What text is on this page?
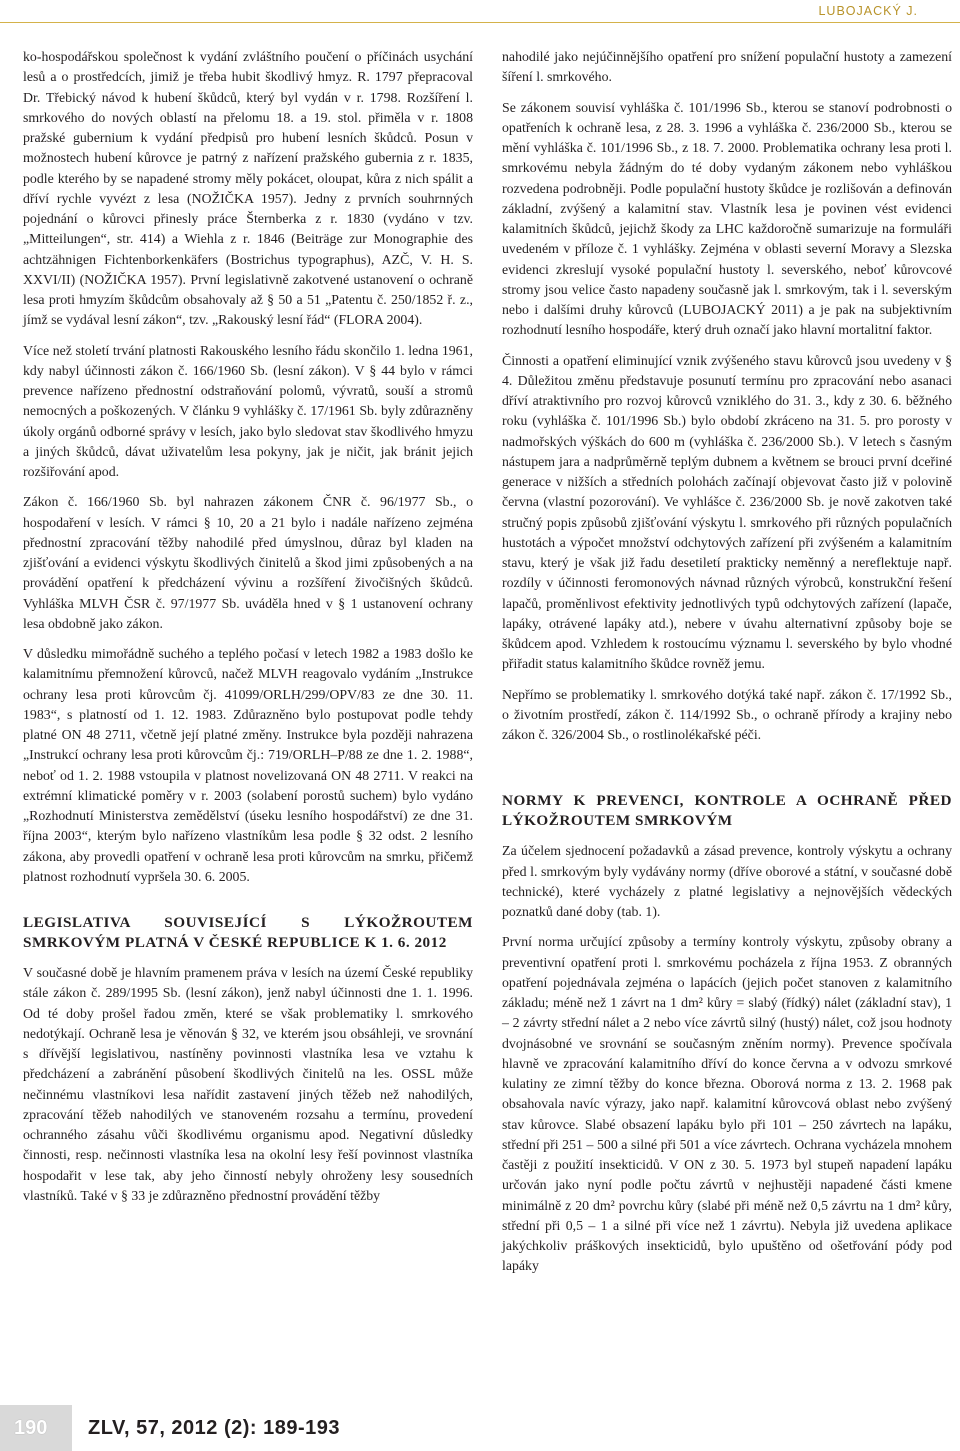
LUBOJACKÝ J.

ko-hospodářskou společnost k vydání zvláštního poučení o příčinách usychání lesů a o prostředcích, jimiž je třeba hubit škodlivý hmyz. R. 1797 přepracoval Dr. Třebický návod k hubení škůdců, který byl vydán v r. 1798. Rozšíření l. smrkového do nových oblastí na přelomu 18. a 19. stol. přiměla v r. 1808 pražské gubernium k vydání předpisů pro hubení lesních škůdců. Posun v možnostech hubení kůrovce je patrný z nařízení pražského gubernia z r. 1835, podle kterého by se napadené stromy měly pokácet, oloupat, kůra z nich spálit a dříví rychle vyvézt z lesa (NOŽIČKA 1957). Jedny z prvních souhrnných pojednání o kůrovci přinesly práce Šternberka z r. 1830 (vydáno v tzv. „Mitteilungen“, str. 414) a Wiehla z r. 1846 (Beiträge zur Monographie des achtzähnigen Fichtenborkenkäfers (Bostrichus typographus), AZČ, V. H. S. XXVI/II) (NOŽIČKA 1957). První legislativně zakotvené ustanovení o ochraně lesa proti hmyzím škůdcům obsahovaly až § 50 a 51 „Patentu č. 250/1852 ř. z., jímž se vydával lesní zákon“, tzv. „Rakouský lesní řád“ (FLORA 2004).

Více než století trvání platnosti Rakouského lesního řádu skončilo 1. ledna 1961, kdy nabyl účinnosti zákon č. 166/1960 Sb. (lesní zákon). V § 44 bylo v rámci prevence nařízeno přednostní odstraňování polomů, vývratů, souší a stromů nemocných a poškozených. V článku 9 vyhlášky č. 17/1961 Sb. byly zdůrazněny úkoly orgánů odborné správy v lesích, jako bylo sledovat stav škodlivého hmyzu a jiných škůdců, dávat uživatelům lesa pokyny, jak je ničit, jak bránit jejich rozšiřování apod.

Zákon č. 166/1960 Sb. byl nahrazen zákonem ČNR č. 96/1977 Sb., o hospodaření v lesích. V rámci § 10, 20 a 21 bylo i nadále nařízeno zejména přednostní zpracování těžby nahodilé před úmyslnou, důraz byl kladen na zjišťování a evidenci výskytu škodlivých činitelů a škod jimi způsobených a na provádění opatření k předcházení vývinu a rozšíření živočišných škůdců. Vyhláška MLVH ČSR č. 97/1977 Sb. uváděla hned v § 1 ustanovení ochrany lesa obdobně jako zákon.

V důsledku mimořádně suchého a teplého počasí v letech 1982 a 1983 došlo ke kalamitnímu přemnožení kůrovců, načež MLVH reagovalo vydáním „Instrukce ochrany lesa proti kůrovcům čj. 41099/ORLH/299/OPV/83 ze dne 30. 11. 1983“, s platností od 1. 12. 1983. Zdůrazněno bylo postupovat podle tehdy platné ON 48 2711, včetně její platné změny. Instrukce byla později nahrazena „Instrukcí ochrany lesa proti kůrovcům čj.: 719/ORLH–P/88 ze dne 1. 2. 1988“, neboť od 1. 2. 1988 vstoupila v platnost novelizovaná ON 48 2711. V reakci na extrémní klimatické poměry v r. 2003 (solabení porostů suchem) bylo vydáno „Rozhodnutí Ministerstva zemědělství (úseku lesního hospodářství) ze dne 31. října 2003“, kterým bylo nařízeno vlastníkům lesa podle § 32 odst. 2 lesního zákona, aby provedli opatření v ochraně lesa proti kůrovcům na smrku, přičemž platnost rozhodnutí vypršela 30. 6. 2005.

LEGISLATIVA SOUVISEJÍCÍ S LÝKOŽROUTEM SMRKOVÝM PLATNÁ V ČESKÉ REPUBLICE K 1. 6. 2012

V současné době je hlavním pramenem práva v lesích na území České republiky stále zákon č. 289/1995 Sb. (lesní zákon), jenž nabyl účinnosti dne 1. 1. 1996. Od té doby prošel řadou změn, které se však problematiky l. smrkového nedotýkají. Ochraně lesa je věnován § 32, ve kterém jsou obsáhleji, ve srovnání s dřívější legislativou, nastíněny povinnosti vlastníka lesa ve vztahu k předcházení a zabránění působení škodlivých činitelů na les. OSSL může nečinnému vlastníkovi lesa nařídit zastavení jiných těžeb než nahodilých, zpracování těžeb nahodilých ve stanoveném rozsahu a termínu, provedení ochranného zásahu vůči škodlivému organismu apod. Negativní důsledky činnosti, resp. nečinnosti vlastníka lesa na okolní lesy řeší povinnost vlastníka hospodařit v lese tak, aby jeho činností nebyly ohroženy lesy sousedních vlastníků. Také v § 33 je zdůrazněno přednostní provádění těžby

nahodilé jako nejúčinnějšího opatření pro snížení populační hustoty a zamezení šíření l. smrkového.

Se zákonem souvisí vyhláška č. 101/1996 Sb., kterou se stanoví podrobnosti o opatřeních k ochraně lesa, z 28. 3. 1996 a vyhláška č. 236/2000 Sb., kterou se mění vyhláška č. 101/1996 Sb., z 18. 7. 2000. Problematika ochrany lesa proti l. smrkovému nebyla žádným do té doby vydaným zákonem nebo vyhláškou rozvedena podrobněji. Podle populační hustoty škůdce je rozlišován a definován základní, zvýšený a kalamitní stav. Vlastník lesa je povinen vést evidenci kalamitních škůdců, jejichž škody za LHC každoročně sumarizuje na formuláři uvedeném v příloze č. 1 vyhlášky. Zejména v oblasti severní Moravy a Slezska evidenci zkreslují vysoké populační hustoty l. severského, neboť kůrovcové stromy jsou velice často napadeny současně jak l. smrkovým, tak i l. severským nebo i dalšími druhy kůrovců (LUBOJACKÝ 2011) a je pak na subjektivním rozhodnutí lesního hospodáře, který druh označí jako hlavní mortalitní faktor.

Činnosti a opatření eliminující vznik zvýšeného stavu kůrovců jsou uvedeny v § 4. Důležitou změnu představuje posunutí termínu pro zpracování nebo asanaci dříví atraktivního pro rozvoj kůrovců vzniklého do 31. 3., kdy z 30. 6. běžného roku (vyhláška č. 101/1996 Sb.) bylo období zkráceno na 31. 5. pro porosty v nadmořských výškách do 600 m (vyhláška č. 236/2000 Sb.). V letech s časným nástupem jara a nadprůměrně teplým dubnem a květnem se brouci první dceřiné generace v nižších a středních polohách začínají objevovat často již v polovině června (vlastní pozorování). Ve vyhlášce č. 236/2000 Sb. je nově zakotven také stručný popis způsobů zjišťování výskytu l. smrkového při různých populačních hustotách a výpočet množství odchytových zařízení při zvýšeném a kalamitním stavu, který je však již řadu desetiletí prakticky neměnný a nereflektuje např. rozdíly v účinnosti feromonových návnad různých výrobců, konstrukční řešení lapačů, proměnlivost efektivity jednotlivých typů odchytových zařízení (lapače, lapáky, otrávené lapáky atd.), nebere v úvahu alternativní způsoby boje se škůdcem apod. Vzhledem k rostoucímu významu l. severského by bylo vhodné přiřadit status kalamitního škůdce rovněž jemu.

Nepřímo se problematiky l. smrkového dotýká také např. zákon č. 17/1992 Sb., o životním prostředí, zákon č. 114/1992 Sb., o ochraně přírody a krajiny nebo zákon č. 326/2004 Sb., o rostlinolékařské péči.

NORMY K PREVENCI, KONTROLE A OCHRANĚ PŘED LÝKOŽROUTEM SMRKOVÝM

Za účelem sjednocení požadavků a zásad prevence, kontroly výskytu a ochrany před l. smrkovým byly vydávány normy (dříve oborové a státní, v současné době technické), které vycházely z platné legislativy a nejnovějších vědeckých poznatků dané doby (tab. 1).

První norma určující způsoby a termíny kontroly výskytu, způsoby obrany a preventivní opatření proti l. smrkovému pocházela z října 1953. Z obranných opatření pojednávala zejména o lapácích (jejich počet stanoven z kalamitního základu; méně než 1 závrt na 1 dm² kůry = slabý (řídký) nálet (základní stav), 1 – 2 závrty střední nálet a 2 nebo více závrtů silný (hustý) nálet, což jsou hodnoty dvojnásobné ve srovnání se současným zněním normy). Prevence spočívala hlavně ve zpracování kalamitního dříví do konce června a v odvozu smrkové kulatiny ze zimní těžby do konce března. Oborová norma z 13. 2. 1968 pak obsahovala navíc výrazy, jako např. kalamitní kůrovcová oblast nebo zvýšený stav kůrovce. Slabé obsazení lapáku bylo při 101 – 250 závrtech na lapáku, střední při 251 – 500 a silné při 501 a více závrtech. Ochrana vycházela mnohem častěji z použití insekticidů. V ON z 30. 5. 1973 byl stupeň napadení lapáku určován jako nyní podle počtu závrtů v nejhustěji napadené části kmene minimálně z 20 dm² povrchu kůry (slabé při méně než 0,5 závrtu na 1 dm² kůry, střední při 0,5 – 1 a silné při více než 1 závrtu). Nebyla již uvedena aplikace jakýchkoliv práškových insekticidů, bylo upuštěno od ošetřování pódy pod lapáky

190 ZLV, 57, 2012 (2): 189-193
